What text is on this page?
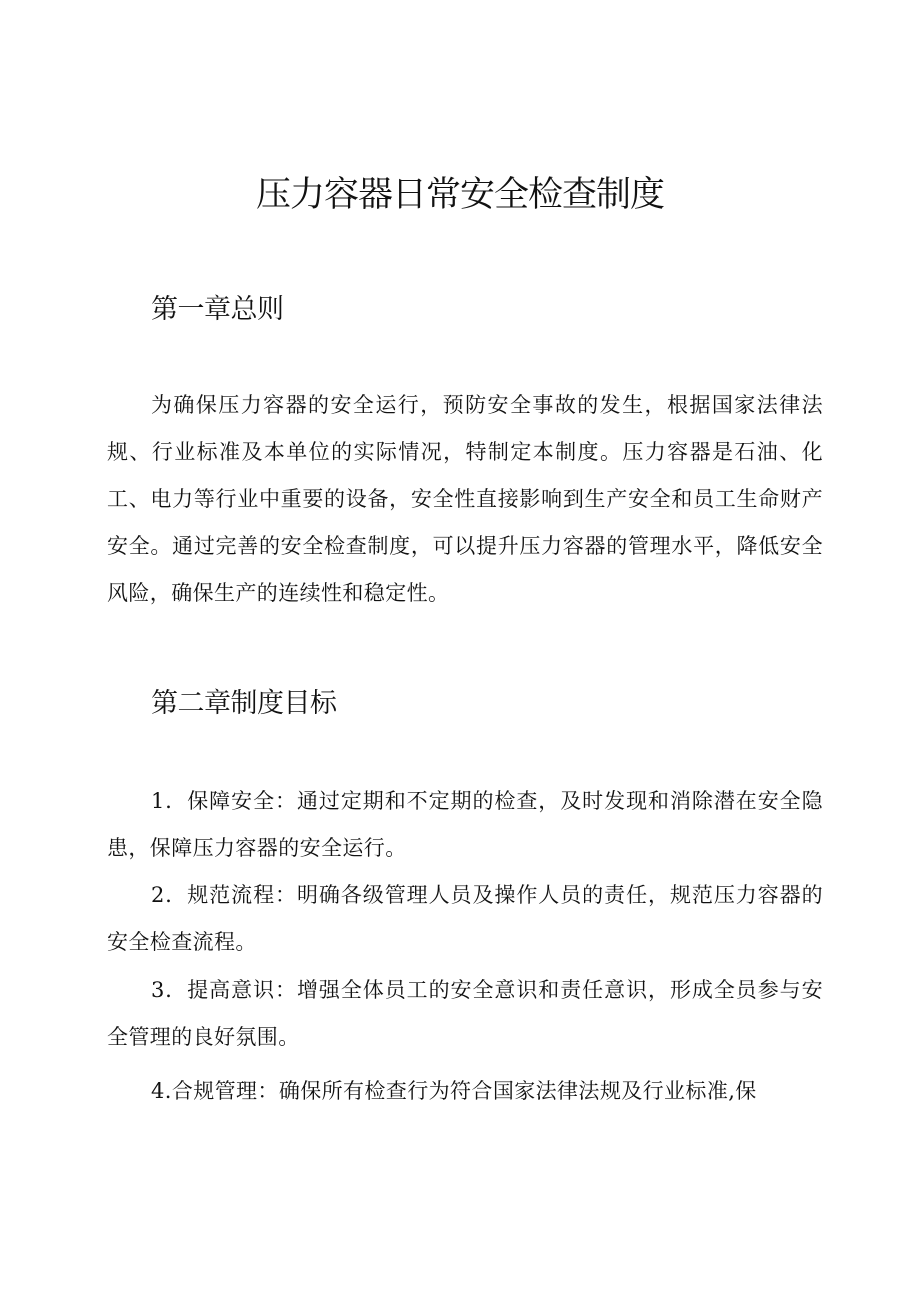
压力容器日常安全检查制度
第一章总则

为确保压力容器的安全运行，预防安全事故的发生，根据国家法律法规、行业标准及本单位的实际情况，特制定本制度。压力容器是石油、化工、电力等行业中重要的设备，安全性直接影响到生产安全和员工生命财产安全。通过完善的安全检查制度，可以提升压力容器的管理水平，降低安全风险，确保生产的连续性和稳定性。

第二章制度目标

1．保障安全：通过定期和不定期的检查，及时发现和消除潜在安全隐患，保障压力容器的安全运行。

2．规范流程：明确各级管理人员及操作人员的责任，规范压力容器的安全检查流程。

3．提高意识：增强全体员工的安全意识和责任意识，形成全员参与安全管理的良好氛围。

4.合规管理：确保所有检查行为符合国家法律法规及行业标准,保
